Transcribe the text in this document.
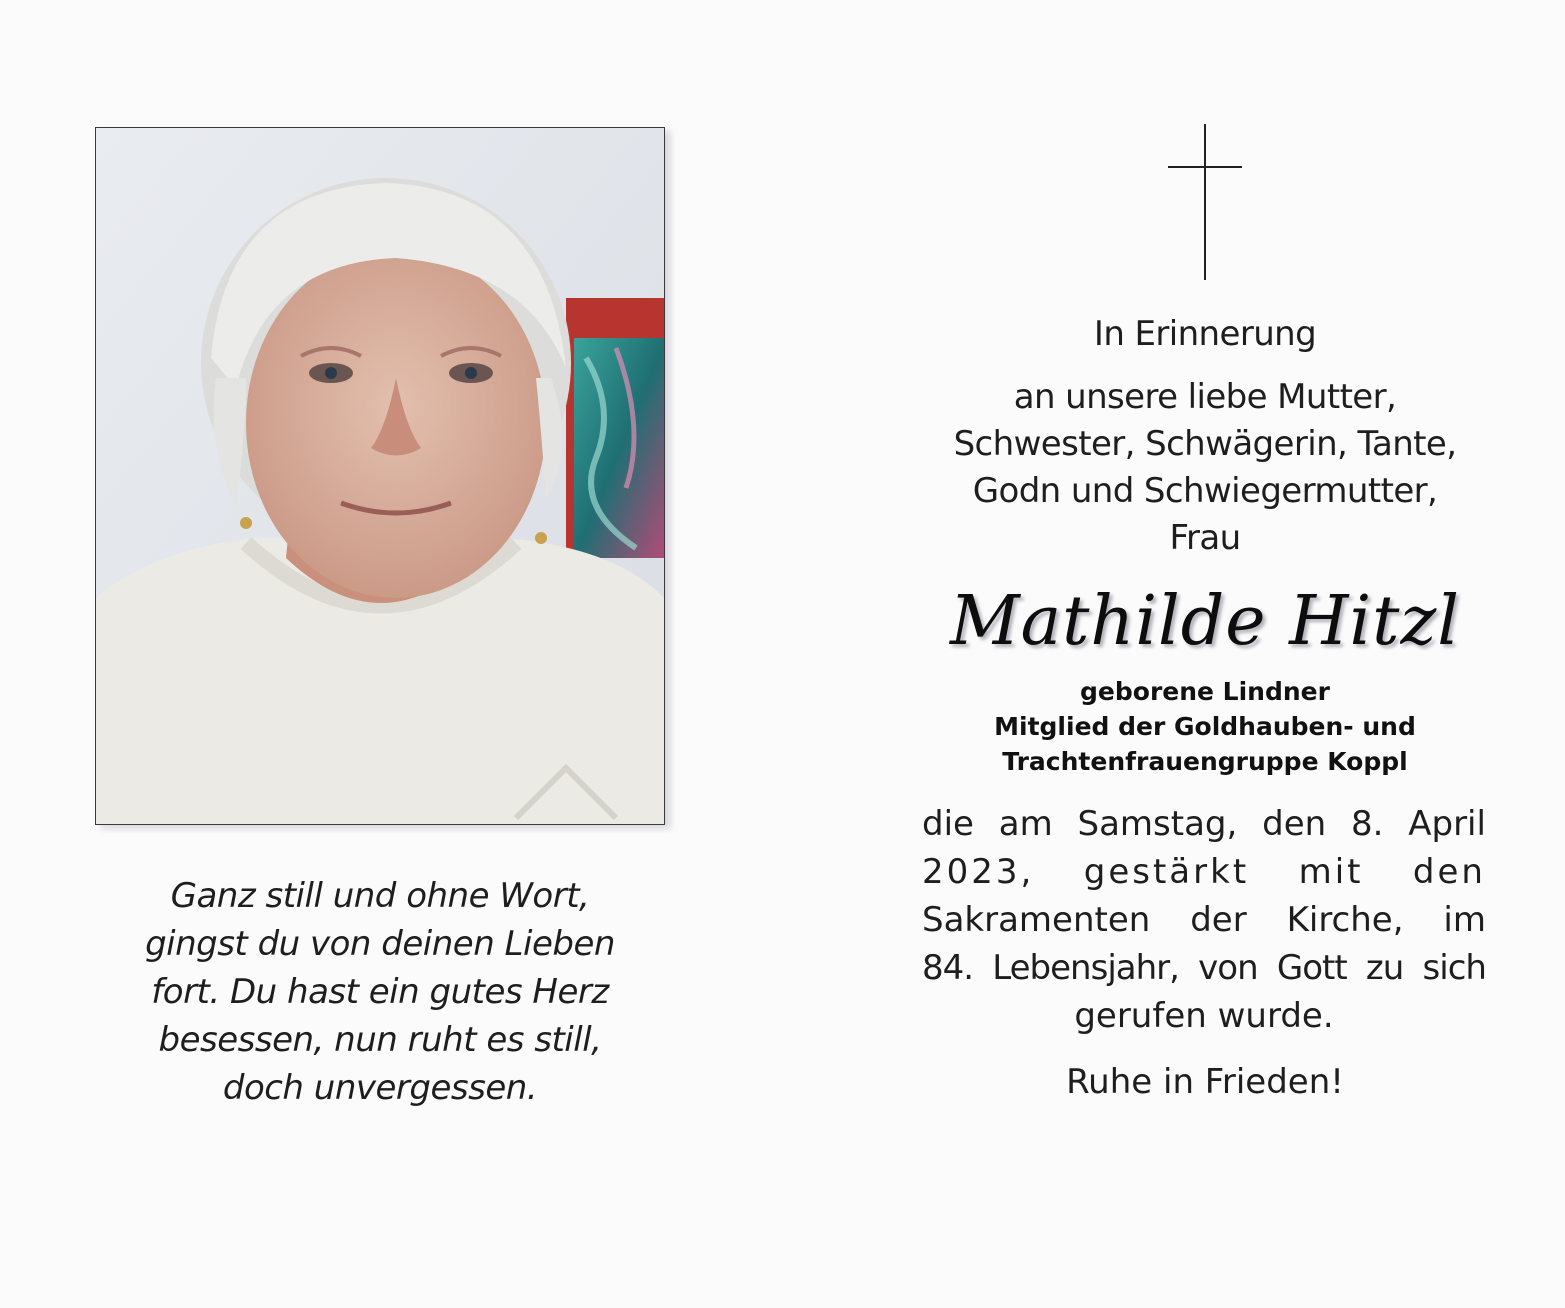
Ganz still und ohne Wort,
gingst du von deinen Lieben
fort. Du hast ein gutes Herz
besessen, nun ruht es still,
doch unvergessen.
In Erinnerung
an unsere liebe Mutter,
Schwester, Schwägerin, Tante,
Godn und Schwiegermutter,
Frau
Mathilde Hitzl
geborene Lindner
Mitglied der Goldhauben- und
Trachtenfrauengruppe Koppl
die am Samstag, den 8. April
2023, gestärkt mit den
Sakramenten der Kirche, im
84. Lebensjahr, von Gott zu sich
gerufen wurde.
Ruhe in Frieden!
